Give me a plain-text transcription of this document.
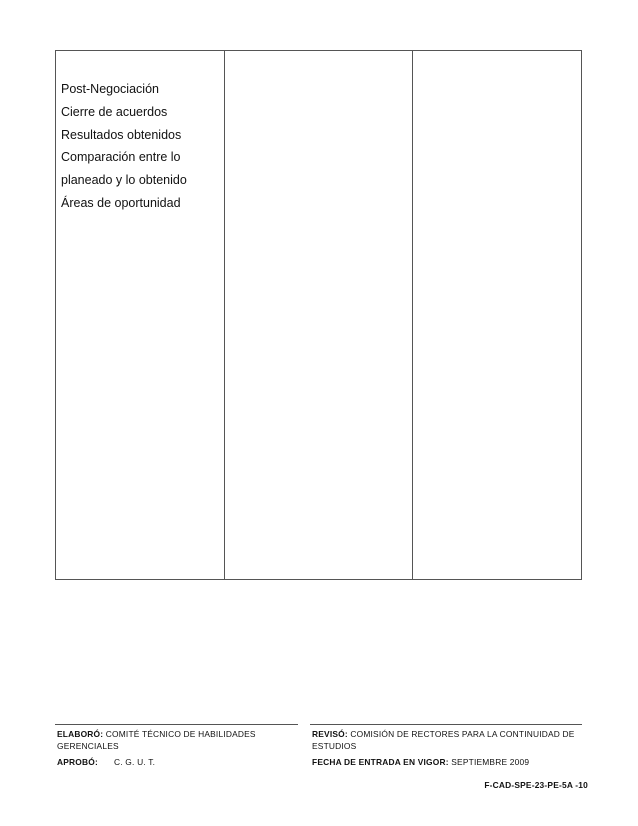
Post-Negociación
Cierre de acuerdos
Resultados obtenidos
Comparación entre lo
planeado y lo obtenido
Áreas de oportunidad
ELABORÓ: COMITÉ TÉCNICO DE HABILIDADES GERENCIALES
REVISÓ: COMISIÓN DE RECTORES PARA LA CONTINUIDAD DE ESTUDIOS
APROBÓ: C. G. U. T.	FECHA DE ENTRADA EN VIGOR: SEPTIEMBRE 2009
F-CAD-SPE-23-PE-5A -10
